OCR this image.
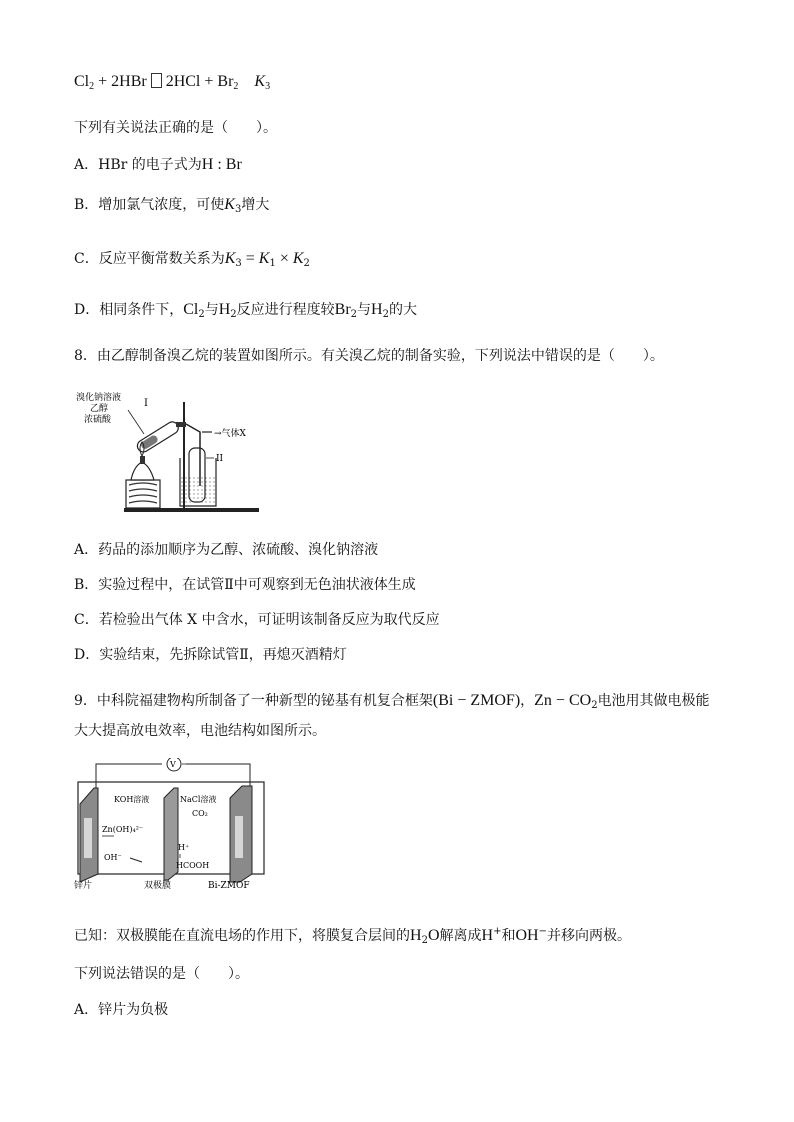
$Cl_2 + 2HBr$ $2HCl + Br_2$ $K_3$
下列有关说法正确的是（　　）。
A．HBr 的电子式为H : Br
B．增加氯气浓度，可使$K_3$增大
C．反应平衡常数关系为$K_3 = K_1 \times K_2$
D．相同条件下，$Cl_2$与$H_2$反应进行程度较$Br_2$与$H_2$的大
8．由乙醇制备溴乙烷的装置如图所示。有关溴乙烷的制备实验，下列说法中错误的是（　　）。
溴化钠溶液
乙醇
浓硫酸
I
→气体X
II
A．药品的添加顺序为乙醇、浓硫酸、溴化钠溶液
B．实验过程中，在试管Ⅱ中可观察到无色油状液体生成
C．若检验出气体 X 中含水，可证明该制备反应为取代反应
D．实验结束，先拆除试管Ⅱ，再熄灭酒精灯
9．中科院福建物构所制备了一种新型的铋基有机复合框架(Bi − ZMOF)，$Zn - CO_2$电池用其做电极能
大大提高放电效率，电池结构如图所示。
V
KOH溶液	NaCl溶液
CO₂
Zn(OH)₄²⁻
H⁺
OH⁻
HCOOH
锌片	双极膜	Bi-ZMOF
已知：双极膜能在直流电场的作用下，将膜复合层间的$H_2O$解离成H+和OH−并移向两极。
下列说法错误的是（　　）。
A．锌片为负极
